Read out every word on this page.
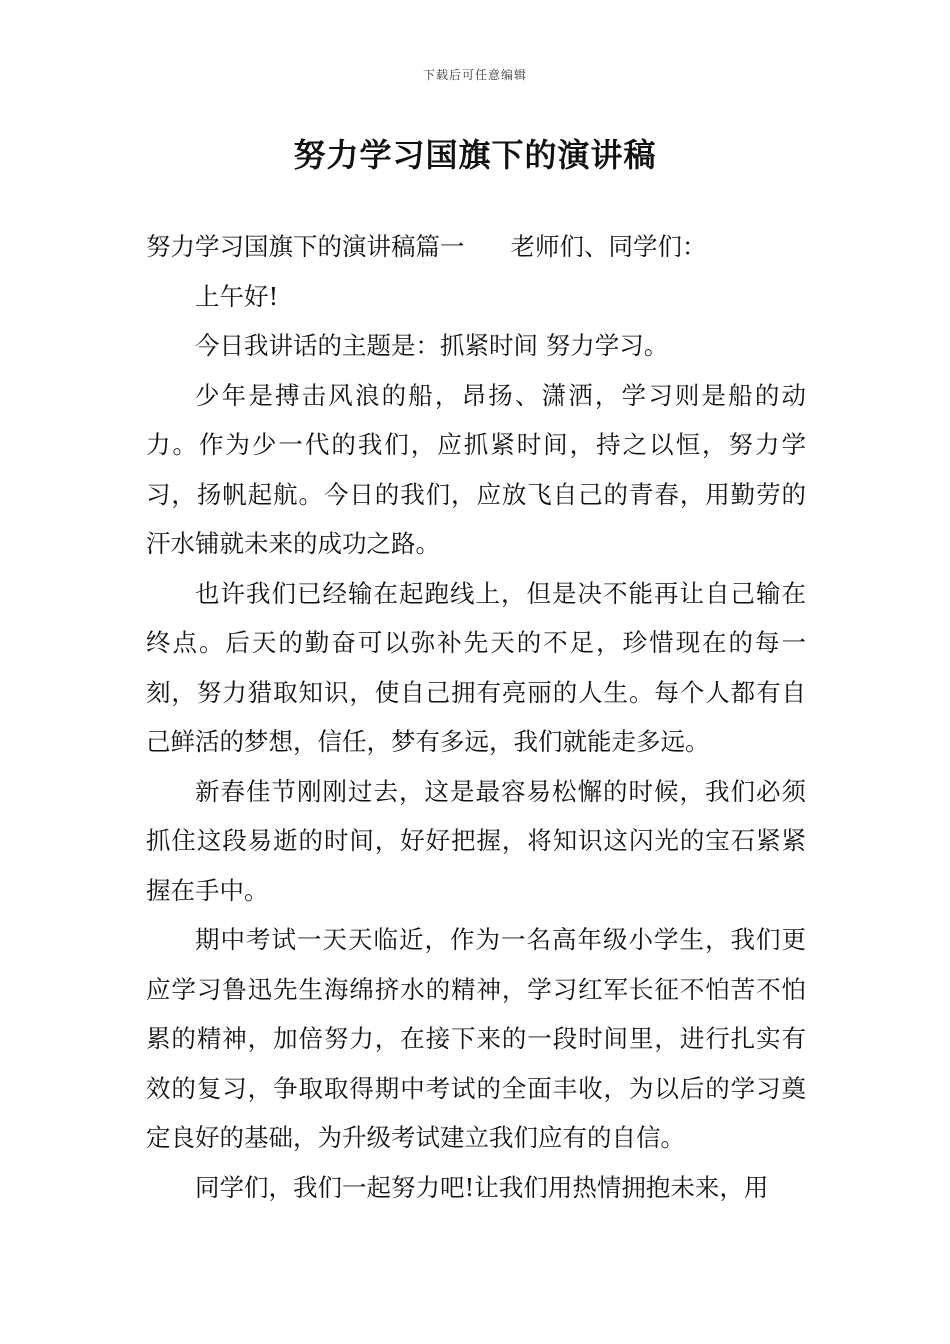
下载后可任意编辑
努力学习国旗下的演讲稿

努力学习国旗下的演讲稿篇一 老师们、同学们：

上午好!

今日我讲话的主题是：抓紧时间 努力学习。

少年是搏击风浪的船，昂扬、潇洒，学习则是船的动力。作为少一代的我们，应抓紧时间，持之以恒，努力学习，扬帆起航。今日的我们，应放飞自己的青春，用勤劳的汗水铺就未来的成功之路。

也许我们已经输在起跑线上，但是决不能再让自己输在终点。后天的勤奋可以弥补先天的不足，珍惜现在的每一刻，努力猎取知识，使自己拥有亮丽的人生。每个人都有自己鲜活的梦想，信任，梦有多远，我们就能走多远。

新春佳节刚刚过去，这是最容易松懈的时候，我们必须抓住这段易逝的时间，好好把握，将知识这闪光的宝石紧紧握在手中。

期中考试一天天临近，作为一名高年级小学生，我们更应学习鲁迅先生海绵挤水的精神，学习红军长征不怕苦不怕累的精神，加倍努力，在接下来的一段时间里，进行扎实有效的复习，争取取得期中考试的全面丰收，为以后的学习奠定良好的基础，为升级考试建立我们应有的自信。

同学们，我们一起努力吧!让我们用热情拥抱未来，用
